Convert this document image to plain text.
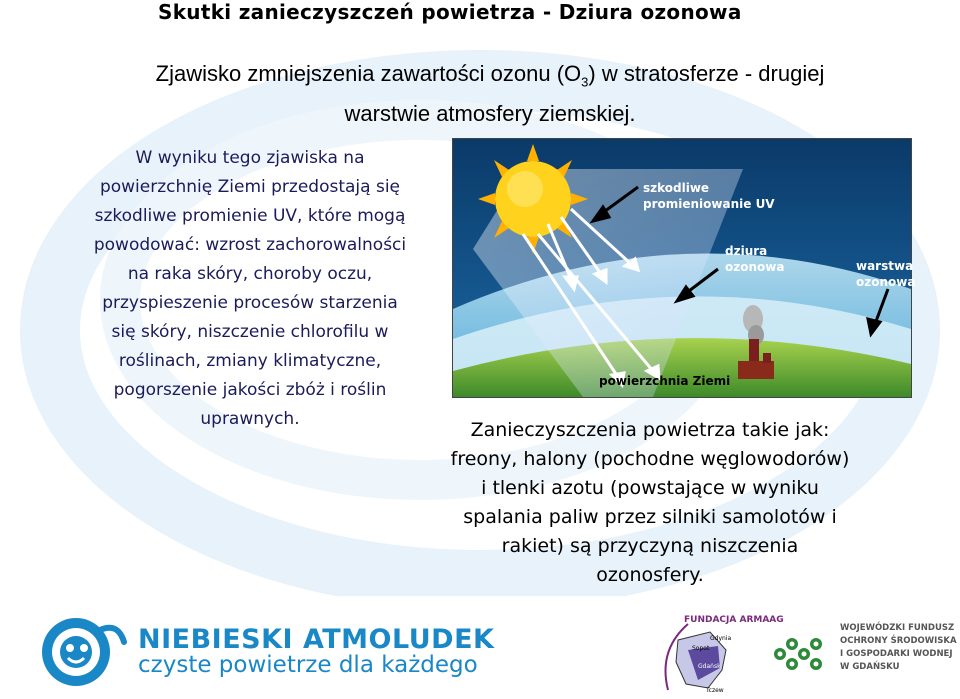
Skutki zanieczyszczeń powietrza - Dziura ozonowa
Zjawisko zmniejszenia zawartości ozonu $(O_3)$ w stratosferze - drugiej
warstwie atmosfery ziemskiej.
W wyniku tego zjawiska na
powierzchnię Ziemi przedostają się
szkodliwe promienie UV, które mogą
powodować: wzrost zachorowalności
na raka skóry, choroby oczu,
przyspieszenie procesów starzenia
się skóry, niszczenie chlorofilu w
roślinach, zmiany klimatyczne,
pogorszenie jakości zbóż i roślin
uprawnych.
szkodliwe
promieniowanie UV
dziura
ozonowa	warstwa
ozonowa
powierzchnia Ziemi
Zanieczyszczenia powietrza takie jak:
freony, halony (pochodne węglowodorów)
i tlenki azotu (powstające w wyniku
spalania paliw przez silniki samolotów i
rakiet) są przyczyną niszczenia
ozonosfery.
NIEBIESKI ATMOLUDEK
czyste powietrze dla każdego
FUNDACJA ARMAAG
Gdynia
Sopot
Gdańsk
Tczew
WOJEWÓDZKI FUNDUSZ
OCHRONY ŚRODOWISKA
I GOSPODARKI WODNEJ
W GDAŃSKU
